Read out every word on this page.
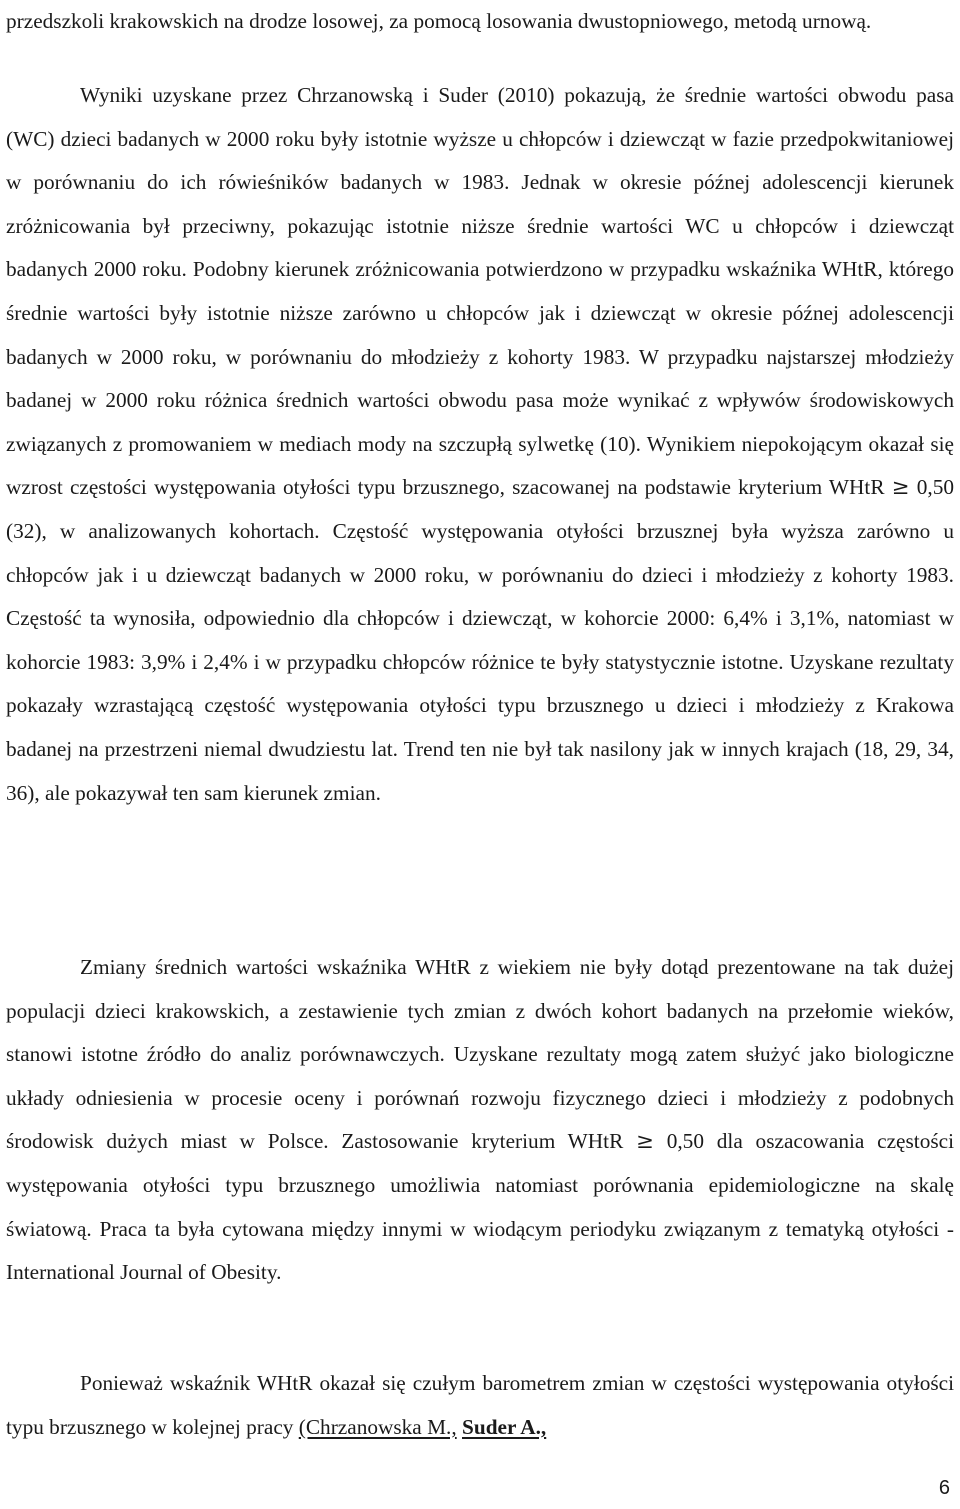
przedszkoli krakowskich na drodze losowej, za pomocą losowania dwustopniowego, metodą urnową.

Wyniki uzyskane przez Chrzanowską i Suder (2010) pokazują, że średnie wartości obwodu pasa (WC) dzieci badanych w 2000 roku były istotnie wyższe u chłopców i dziewcząt w fazie przedpokwitaniowej w porównaniu do ich rówieśników badanych w 1983. Jednak w okresie późnej adolescencji kierunek zróżnicowania był przeciwny, pokazując istotnie niższe średnie wartości WC u chłopców i dziewcząt badanych 2000 roku. Podobny kierunek zróżnicowania potwierdzono w przypadku wskaźnika WHtR, którego średnie wartości były istotnie niższe zarówno u chłopców jak i dziewcząt w okresie późnej adolescencji badanych w 2000 roku, w porównaniu do młodzieży z kohorty 1983. W przypadku najstarszej młodzieży badanej w 2000 roku różnica średnich wartości obwodu pasa może wynikać z wpływów środowiskowych związanych z promowaniem w mediach mody na szczupłą sylwetkę (10). Wynikiem niepokojącym okazał się wzrost częstości występowania otyłości typu brzusznego, szacowanej na podstawie kryterium WHtR ≥ 0,50 (32), w analizowanych kohortach. Częstość występowania otyłości brzusznej była wyższa zarówno u chłopców jak i u dziewcząt badanych w 2000 roku, w porównaniu do dzieci i młodzieży z kohorty 1983. Częstość ta wynosiła, odpowiednio dla chłopców i dziewcząt, w kohorcie 2000: 6,4% i 3,1%, natomiast w kohorcie 1983: 3,9% i 2,4% i w przypadku chłopców różnice te były statystycznie istotne. Uzyskane rezultaty pokazały wzrastającą częstość występowania otyłości typu brzusznego u dzieci i młodzieży z Krakowa badanej na przestrzeni niemal dwudziestu lat. Trend ten nie był tak nasilony jak w innych krajach (18, 29, 34, 36), ale pokazywał ten sam kierunek zmian.

Zmiany średnich wartości wskaźnika WHtR z wiekiem nie były dotąd prezentowane na tak dużej populacji dzieci krakowskich, a zestawienie tych zmian z dwóch kohort badanych na przełomie wieków, stanowi istotne źródło do analiz porównawczych. Uzyskane rezultaty mogą zatem służyć jako biologiczne układy odniesienia w procesie oceny i porównań rozwoju fizycznego dzieci i młodzieży z podobnych środowisk dużych miast w Polsce. Zastosowanie kryterium WHtR ≥ 0,50 dla oszacowania częstości występowania otyłości typu brzusznego umożliwia natomiast porównania epidemiologiczne na skalę światową. Praca ta była cytowana między innymi w wiodącym periodyku związanym z tematyką otyłości - International Journal of Obesity.

Ponieważ wskaźnik WHtR okazał się czułym barometrem zmian w częstości występowania otyłości typu brzusznego w kolejnej pracy (Chrzanowska M., Suder A.,

6
